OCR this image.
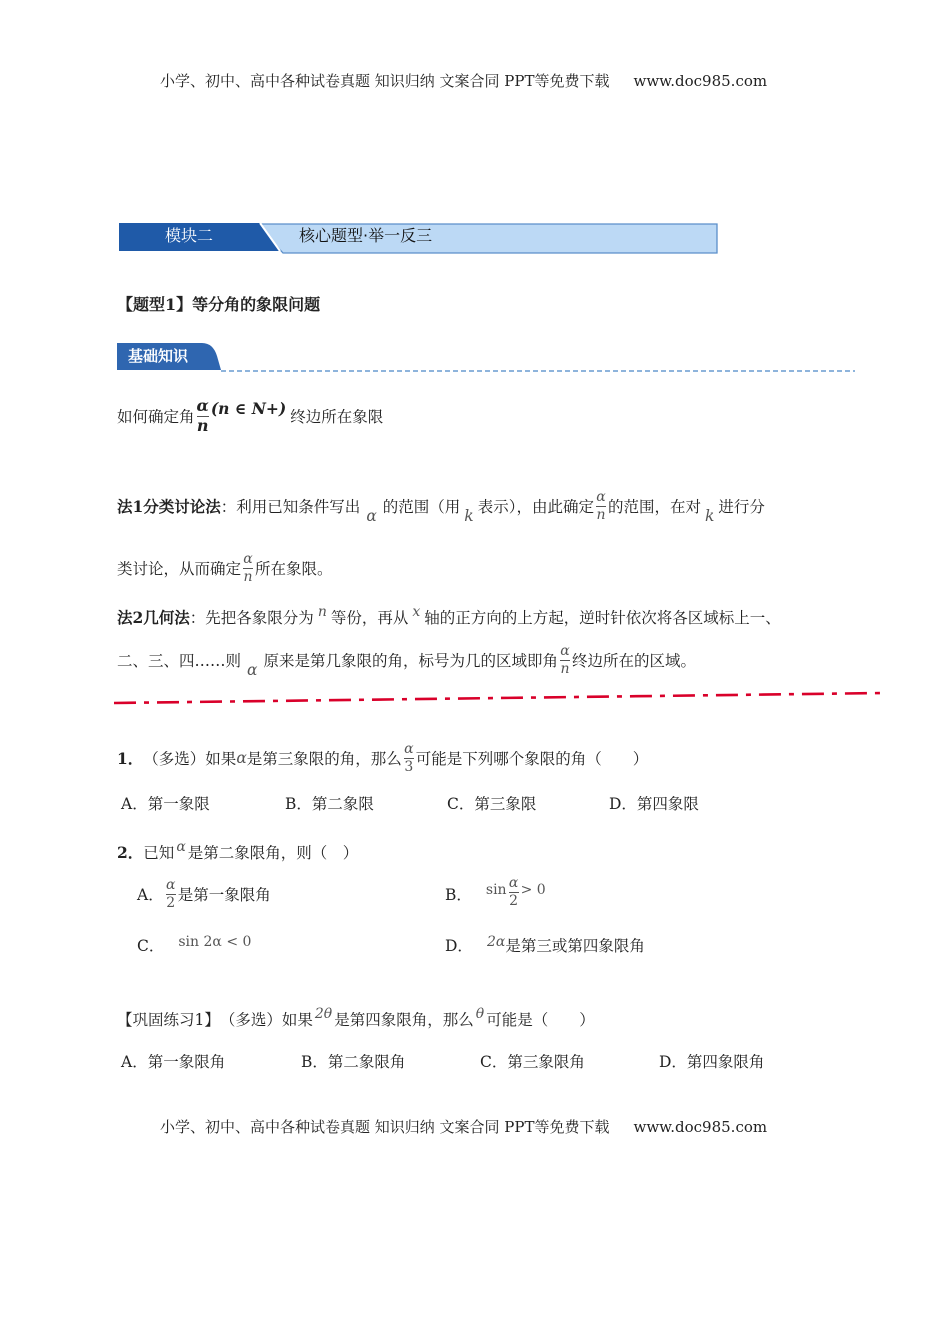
小学、初中、高中各种试卷真题 知识归纳 文案合同 PPT等免费下载 www.doc985.com
模块二	核心题型·举一反三
【题型1】等分角的象限问题
基础知识
如何确定角 $\frac{\alpha}{n} (n$ ∈ N+) 终边所在象限
法1分类讨论法 ：利用已知条件写出 α 的范围（用 k 表示），由此确定 $\frac{\alpha}{n}$ 的范围，在对 k 进行分
类讨论，从而确定 $\frac{\alpha}{n}$ 所在象限。
法2几何法 ：先把各象限分为 n 等份，再从 x 轴的正方向的上方起，逆时针依次将各区域标上一、
二、三、四……则 α 原来是第几象限的角，标号为几的区域即角 $\frac{\alpha}{n}$ 终边所在的区域。
1． （多选）如果 α 是第三象限的角，那么 $\frac{\alpha}{3}$ 可能是下列哪个象限的角（　　）
A．第一象限	B．第二象限	C．第三象限	D．第四象限
2． 已知 α 是第二象限角，则（　）
A． $\frac{\alpha}{2}$ 是第一象限角	B． $\sin \frac{\alpha}{2} > 0$
C． sin 2α < 0	D． 2α 是第三或第四象限角
【巩固练习1】 （多选）如果 2θ 是第四象限角，那么 θ 可能是（　　）
A．第一象限角	B．第二象限角	C．第三象限角	D．第四象限角
小学、初中、高中各种试卷真题 知识归纳 文案合同 PPT等免费下载 www.doc985.com
